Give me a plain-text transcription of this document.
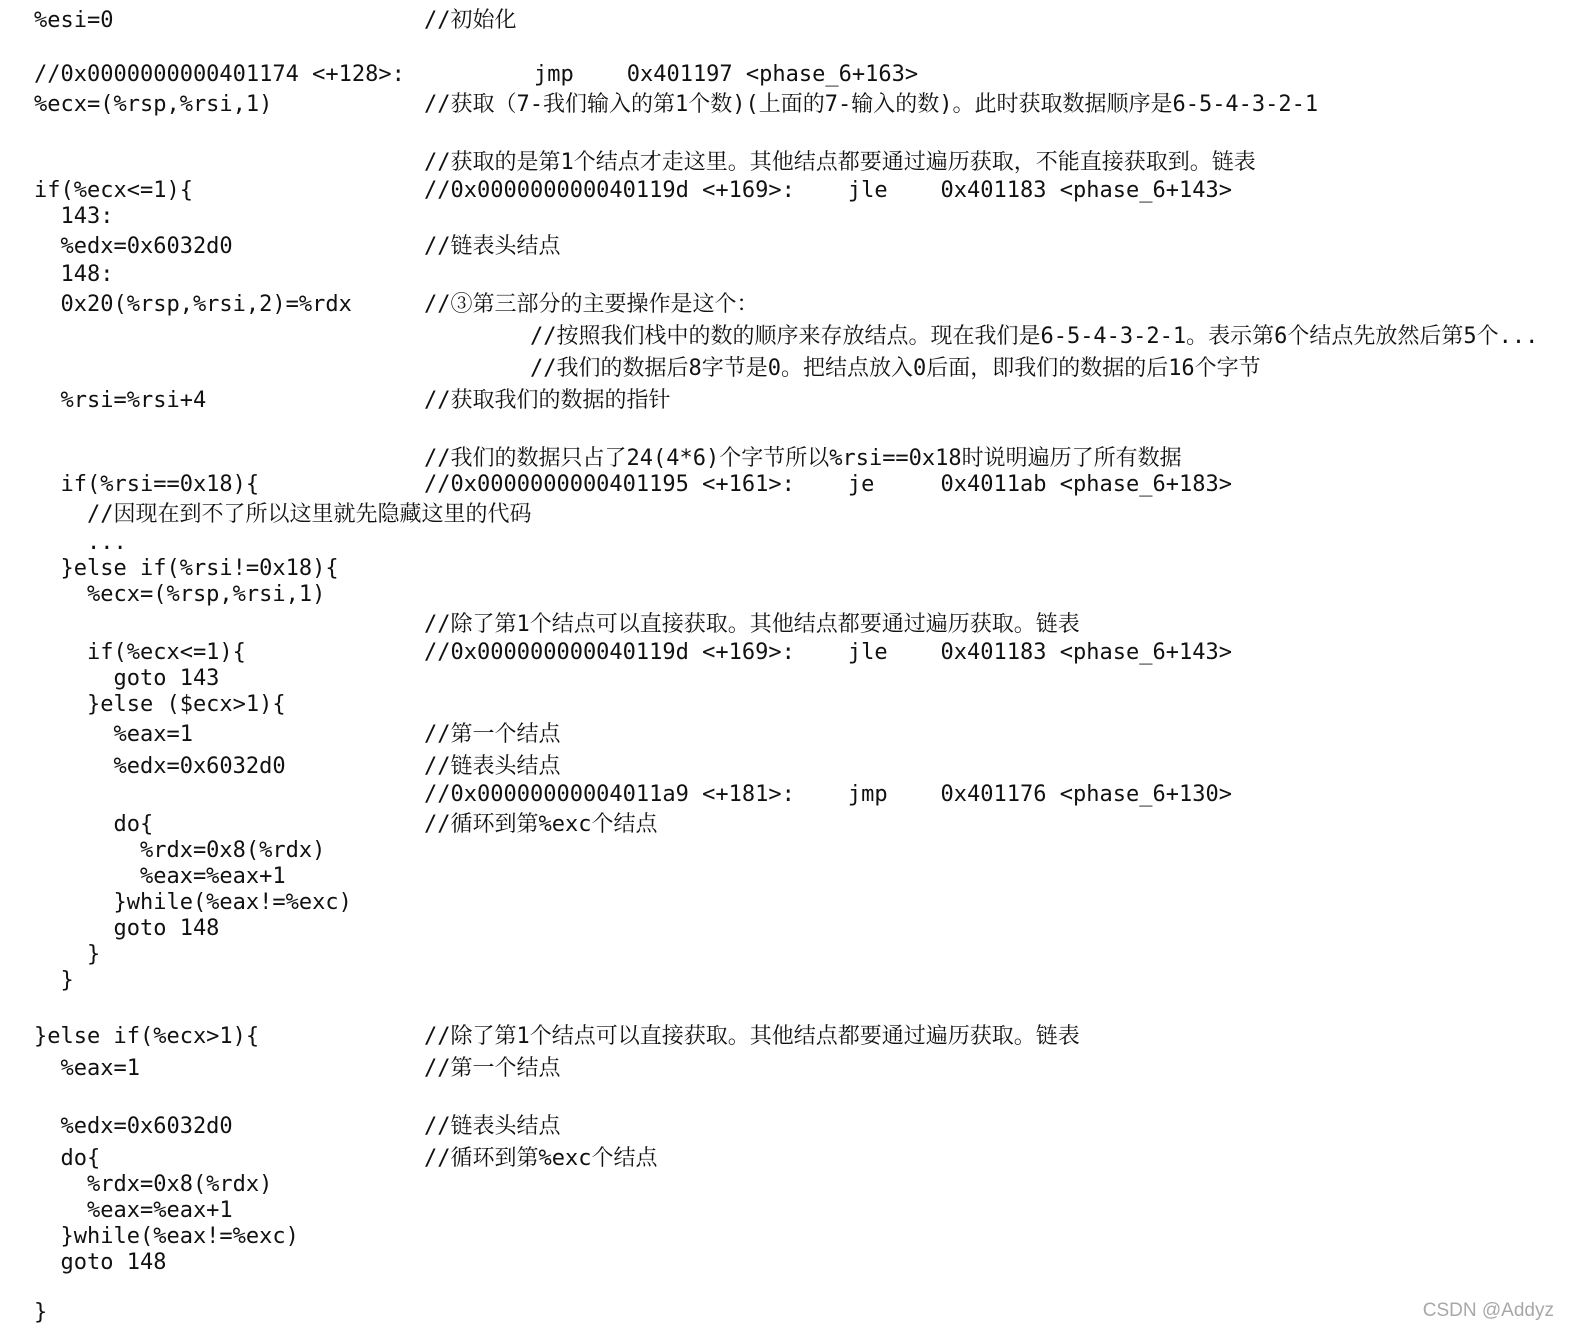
%esi=0	//初始化
//0x0000000000401174 <+128>:	jmp    0x401197 <phase_6+163>
%ecx=(%rsp,%rsi,1)	//获取（7-我们输入的第1个数)(上面的7-输入的数)。此时获取数据顺序是6-5-4-3-2-1
//获取的是第1个结点才走这里。其他结点都要通过遍历获取，不能直接获取到。链表
if(%ecx<=1){	//0x000000000040119d <+169>:    jle    0x401183 <phase_6+143>
143:
%edx=0x6032d0	//链表头结点
148:
0x20(%rsp,%rsi,2)=%rdx	//③第三部分的主要操作是这个：
//按照我们栈中的数的顺序来存放结点。现在我们是6-5-4-3-2-1。表示第6个结点先放然后第5个...
//我们的数据后8字节是0。把结点放入0后面，即我们的数据的后16个字节
%rsi=%rsi+4	//获取我们的数据的指针
//我们的数据只占了24(4*6)个字节所以%rsi==0x18时说明遍历了所有数据
if(%rsi==0x18){	//0x0000000000401195 <+161>:    je     0x4011ab <phase_6+183>
//因现在到不了所以这里就先隐藏这里的代码
...
}else if(%rsi!=0x18){
%ecx=(%rsp,%rsi,1)
//除了第1个结点可以直接获取。其他结点都要通过遍历获取。链表
if(%ecx<=1){	//0x000000000040119d <+169>:    jle    0x401183 <phase_6+143>
goto 143
}else ($ecx>1){
%eax=1	//第一个结点
%edx=0x6032d0	//链表头结点
//0x00000000004011a9 <+181>:    jmp    0x401176 <phase_6+130>
do{	//循环到第%exc个结点
%rdx=0x8(%rdx)
%eax=%eax+1
}while(%eax!=%exc)
goto 148
}
}
}else if(%ecx>1){	//除了第1个结点可以直接获取。其他结点都要通过遍历获取。链表
%eax=1	//第一个结点
%edx=0x6032d0	//链表头结点
do{	//循环到第%exc个结点
%rdx=0x8(%rdx)
%eax=%eax+1
}while(%eax!=%exc)
goto 148
}	CSDN @Addyz
